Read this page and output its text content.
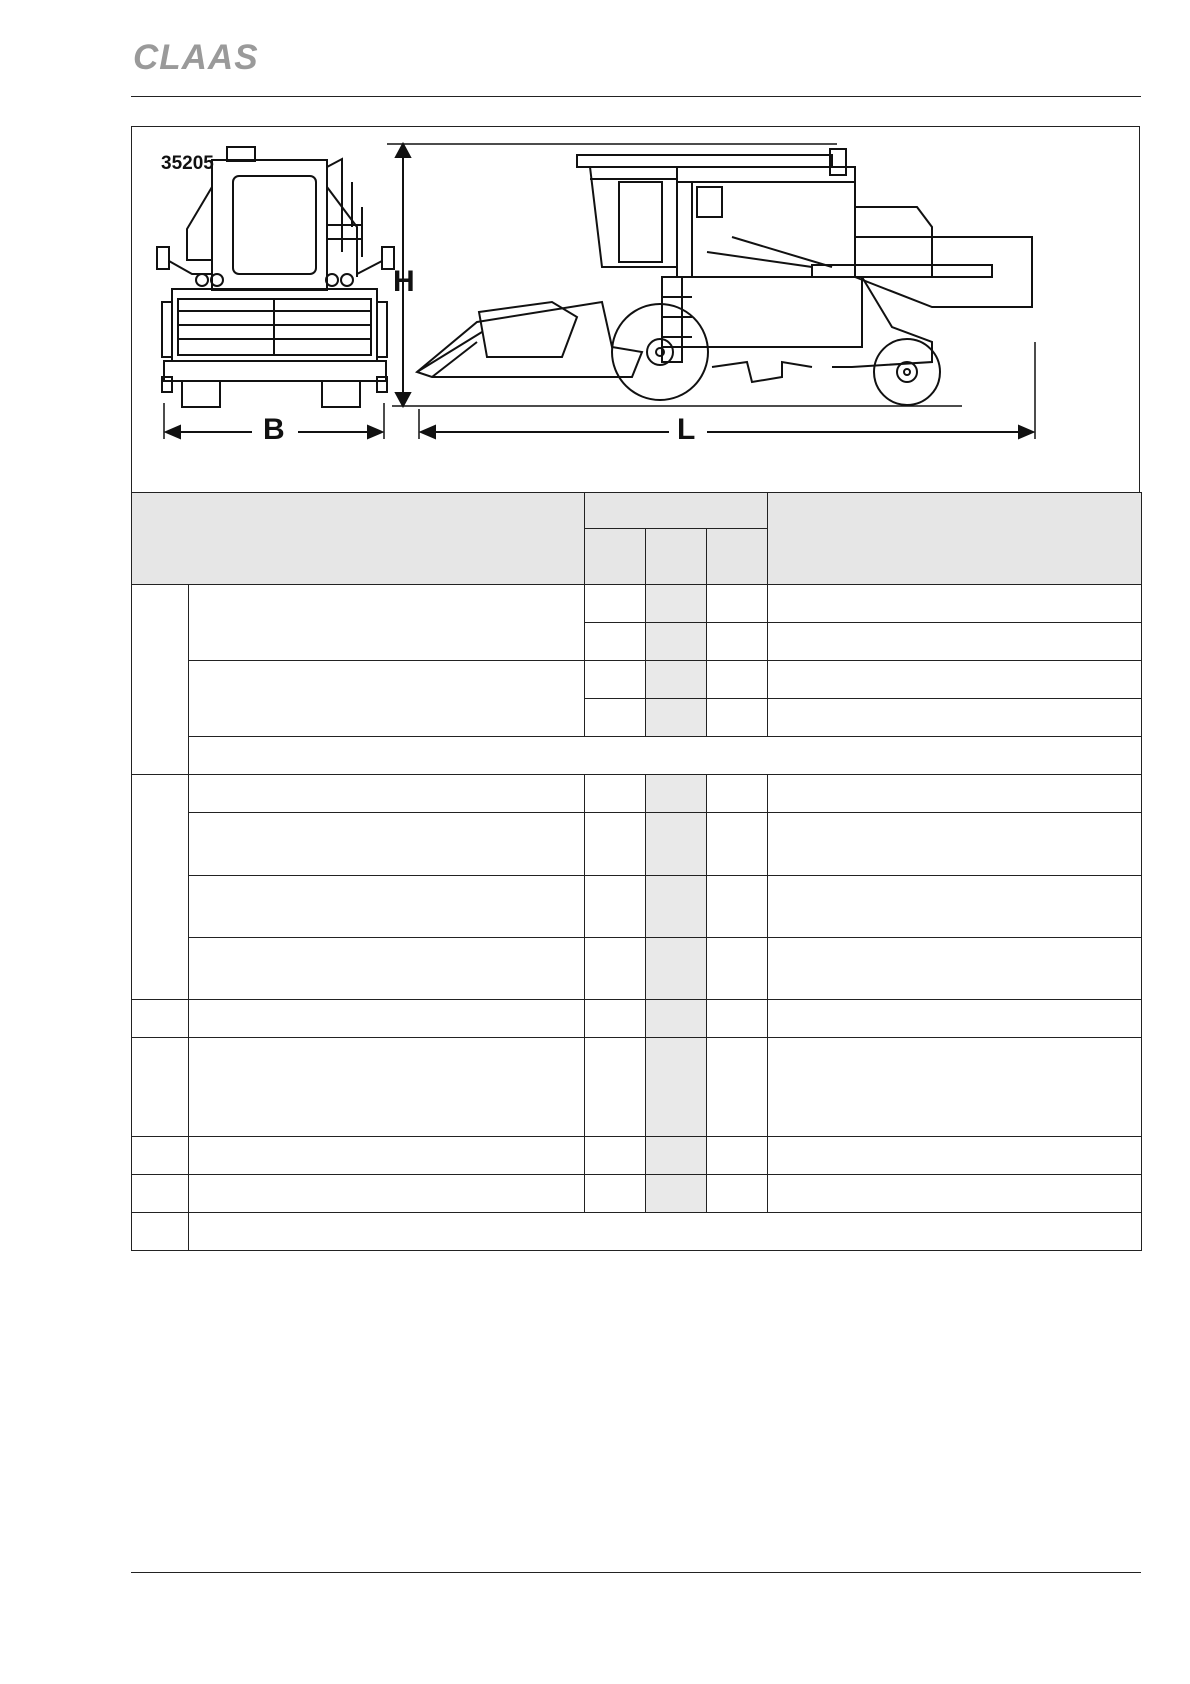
CLAAS
35205
H
B	L
